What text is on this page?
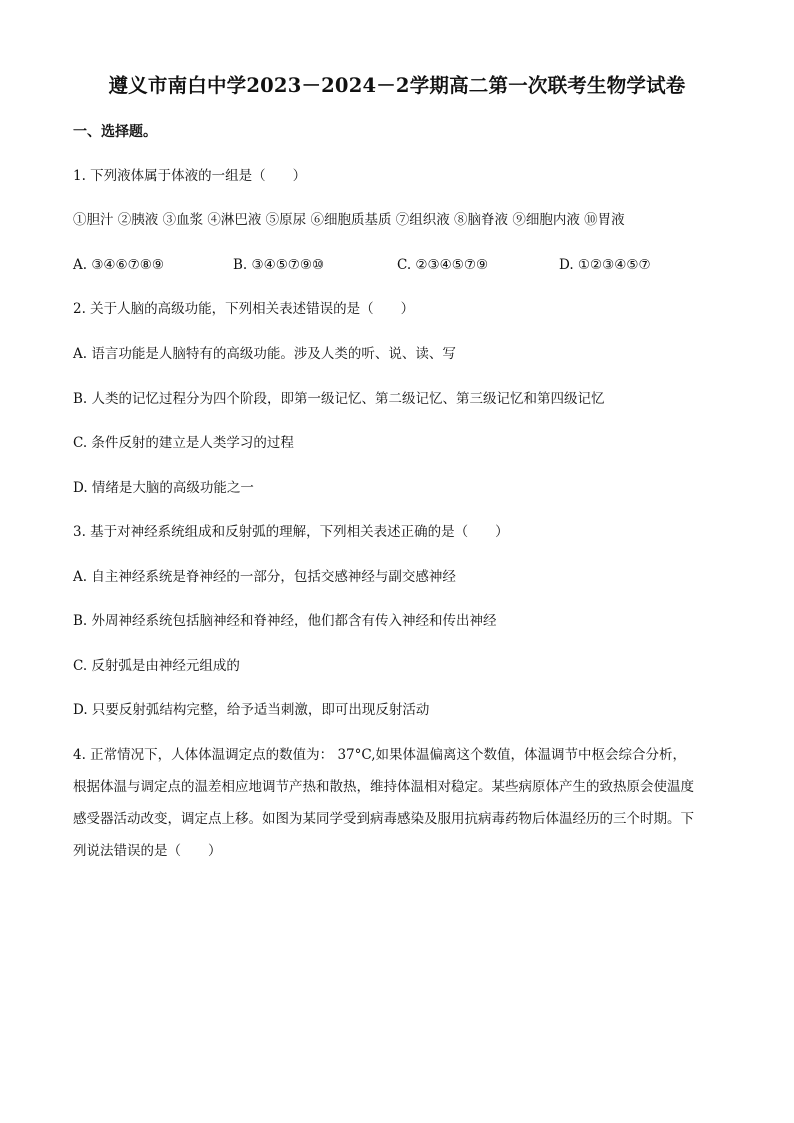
遵义市南白中学2023－2024－2学期高二第一次联考生物学试卷
一、选择题。
1. 下列液体属于体液的一组是（　　）
①胆汁 ②胰液 ③血浆 ④淋巴液 ⑤原尿 ⑥细胞质基质 ⑦组织液 ⑧脑脊液 ⑨细胞内液 ⑩胃液
A. ③④⑥⑦⑧⑨	B. ③④⑤⑦⑨⑩	C. ②③④⑤⑦⑨	D. ①②③④⑤⑦
2. 关于人脑的高级功能，下列相关表述错误的是（　　）
A. 语言功能是人脑特有的高级功能。涉及人类的听、说、读、写
B. 人类的记忆过程分为四个阶段，即第一级记忆、第二级记忆、第三级记忆和第四级记忆
C. 条件反射的建立是人类学习的过程
D. 情绪是大脑的高级功能之一
3. 基于对神经系统组成和反射弧的理解，下列相关表述正确的是（　　）
A. 自主神经系统是脊神经的一部分，包括交感神经与副交感神经
B. 外周神经系统包括脑神经和脊神经，他们都含有传入神经和传出神经
C. 反射弧是由神经元组成的
D. 只要反射弧结构完整，给予适当刺激，即可出现反射活动
4. 正常情况下，人体体温调定点的数值为： 37°C,如果体温偏离这个数值，体温调节中枢会综合分析，
根据体温与调定点的温差相应地调节产热和散热，维持体温相对稳定。某些病原体产生的致热原会使温度
感受器活动改变，调定点上移。如图为某同学受到病毒感染及服用抗病毒药物后体温经历的三个时期。下
列说法错误的是（　　）
